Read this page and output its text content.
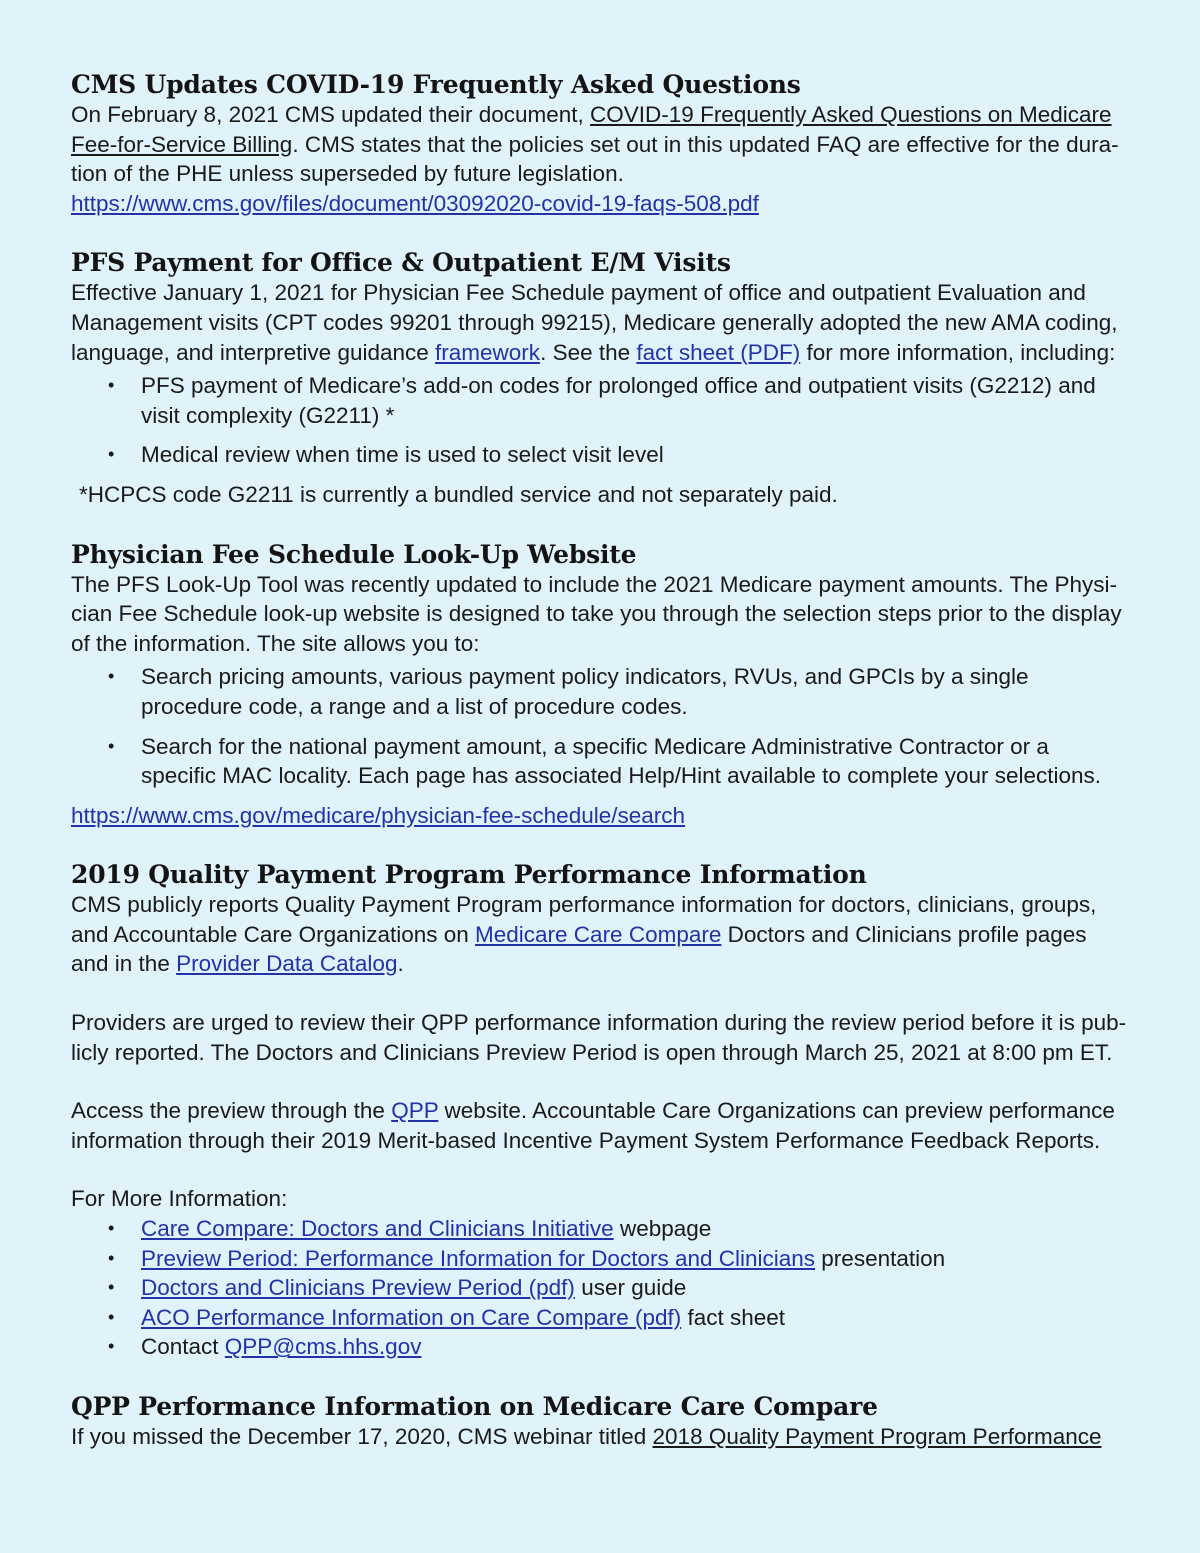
CMS Updates COVID-19 Frequently Asked Questions

On February 8, 2021 CMS updated their document, COVID-19 Frequently Asked Questions on Medicare Fee-for-Service Billing. CMS states that the policies set out in this updated FAQ are effective for the dura-tion of the PHE unless superseded by future legislation.

https://www.cms.gov/files/document/03092020-covid-19-faqs-508.pdf

PFS Payment for Office & Outpatient E/M Visits

Effective January 1, 2021 for Physician Fee Schedule payment of office and outpatient Evaluation and Management visits (CPT codes 99201 through 99215), Medicare generally adopted the new AMA coding, language, and interpretive guidance framework. See the fact sheet (PDF) for more information, including:

• PFS payment of Medicare’s add-on codes for prolonged office and outpatient visits (G2212) and visit complexity (G2211) *
• Medical review when time is used to select visit level

*HCPCS code G2211 is currently a bundled service and not separately paid.

Physician Fee Schedule Look-Up Website

The PFS Look-Up Tool was recently updated to include the 2021 Medicare payment amounts. The Physi-cian Fee Schedule look-up website is designed to take you through the selection steps prior to the display of the information. The site allows you to:

• Search pricing amounts, various payment policy indicators, RVUs, and GPCIs by a single procedure code, a range and a list of procedure codes.
• Search for the national payment amount, a specific Medicare Administrative Contractor or a specific MAC locality. Each page has associated Help/Hint available to complete your selections.

https://www.cms.gov/medicare/physician-fee-schedule/search

2019 Quality Payment Program Performance Information

CMS publicly reports Quality Payment Program performance information for doctors, clinicians, groups, and Accountable Care Organizations on Medicare Care Compare Doctors and Clinicians profile pages and in the Provider Data Catalog.

Providers are urged to review their QPP performance information during the review period before it is pub-licly reported. The Doctors and Clinicians Preview Period is open through March 25, 2021 at 8:00 pm ET.

Access the preview through the QPP website. Accountable Care Organizations can preview performance information through their 2019 Merit-based Incentive Payment System Performance Feedback Reports.

For More Information:

• Care Compare: Doctors and Clinicians Initiative webpage
• Preview Period: Performance Information for Doctors and Clinicians presentation
• Doctors and Clinicians Preview Period (pdf) user guide
• ACO Performance Information on Care Compare (pdf) fact sheet
• Contact QPP@cms.hhs.gov
QPP Performance Information on Medicare Care Compare

If you missed the December 17, 2020, CMS webinar titled 2018 Quality Payment Program Performance
